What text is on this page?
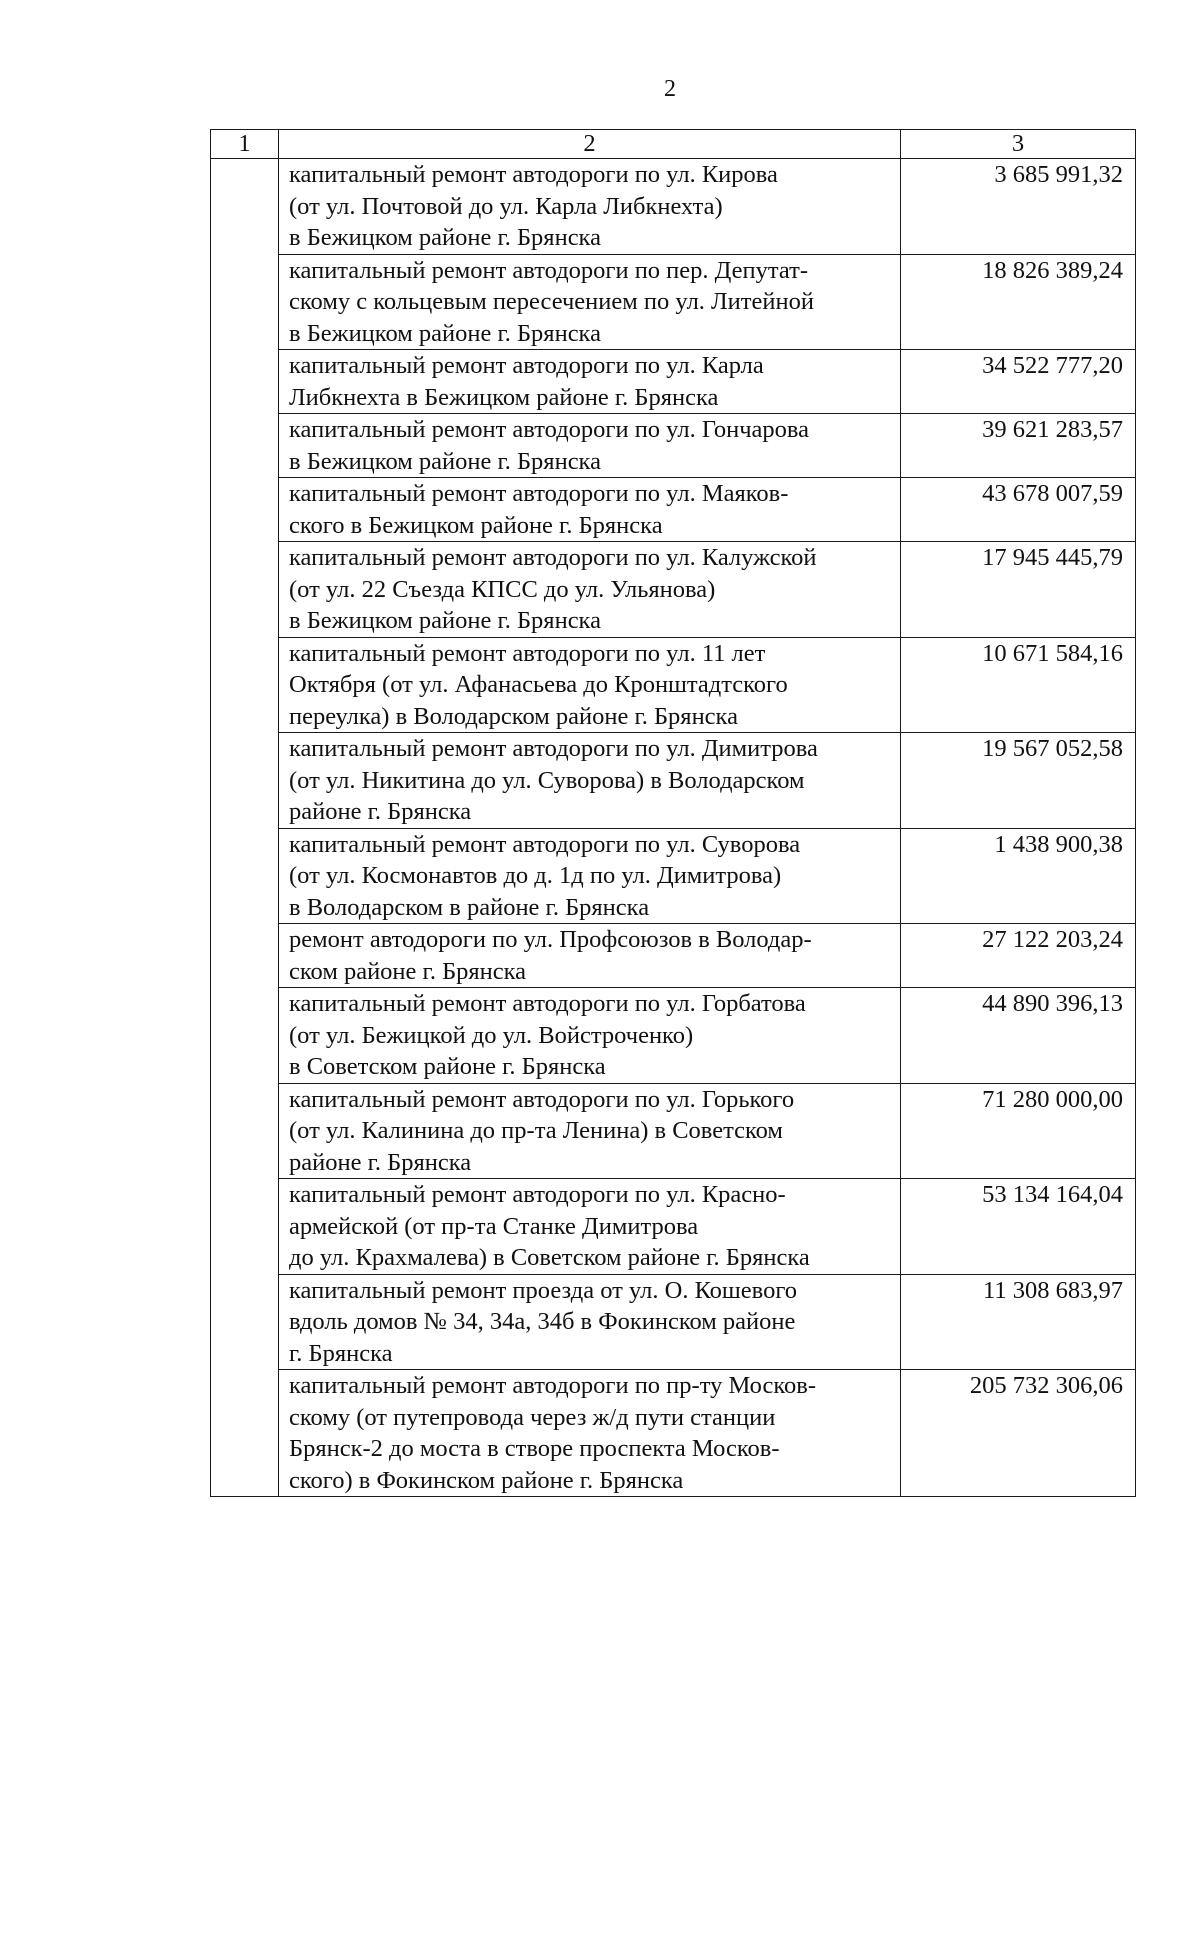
2
1	2	3

	капитальный ремонт автодороги по ул. Кирова
(от ул. Почтовой до ул. Карла Либкнехта)
в Бежицком районе г. Брянска	3 685 991,32

	капитальный ремонт автодороги по пер. Депутат-
скому с кольцевым пересечением по ул. Литейной
в Бежицком районе г. Брянска	18 826 389,24

	капитальный ремонт автодороги по ул. Карла
Либкнехта в Бежицком районе г. Брянска	34 522 777,20

	капитальный ремонт автодороги по ул. Гончарова
в Бежицком районе г. Брянска	39 621 283,57

	капитальный ремонт автодороги по ул. Маяков-
ского в Бежицком районе г. Брянска	43 678 007,59

	капитальный ремонт автодороги по ул. Калужской
(от ул. 22 Съезда КПСС до ул. Ульянова)
в Бежицком районе г. Брянска	17 945 445,79

	капитальный ремонт автодороги по ул. 11 лет
Октября (от ул. Афанасьева до Кронштадтского
переулка) в Володарском районе г. Брянска	10 671 584,16

	капитальный ремонт автодороги по ул. Димитрова
(от ул. Никитина до ул. Суворова) в Володарском
районе г. Брянска	19 567 052,58

	капитальный ремонт автодороги по ул. Суворова
(от ул. Космонавтов до д. 1д по ул. Димитрова)
в Володарском в районе г. Брянска	1 438 900,38

	ремонт автодороги по ул. Профсоюзов в Володар-
ском районе г. Брянска	27 122 203,24

	капитальный ремонт автодороги по ул. Горбатова
(от ул. Бежицкой до ул. Войстроченко)
в Советском районе г. Брянска	44 890 396,13

	капитальный ремонт автодороги по ул. Горького
(от ул. Калинина до пр-та Ленина) в Советском
районе г. Брянска	71 280 000,00

	капитальный ремонт автодороги по ул. Красно-
армейской (от пр-та Станке Димитрова
до ул. Крахмалева) в Советском районе г. Брянска	53 134 164,04

	капитальный ремонт проезда от ул. О. Кошевого
вдоль домов № 34, 34а, 34б в Фокинском районе
г. Брянска	11 308 683,97

	капитальный ремонт автодороги по пр-ту Москов-
скому (от путепровода через ж/д пути станции
Брянск-2 до моста в створе проспекта Москов-
ского) в Фокинском районе г. Брянска	205 732 306,06
